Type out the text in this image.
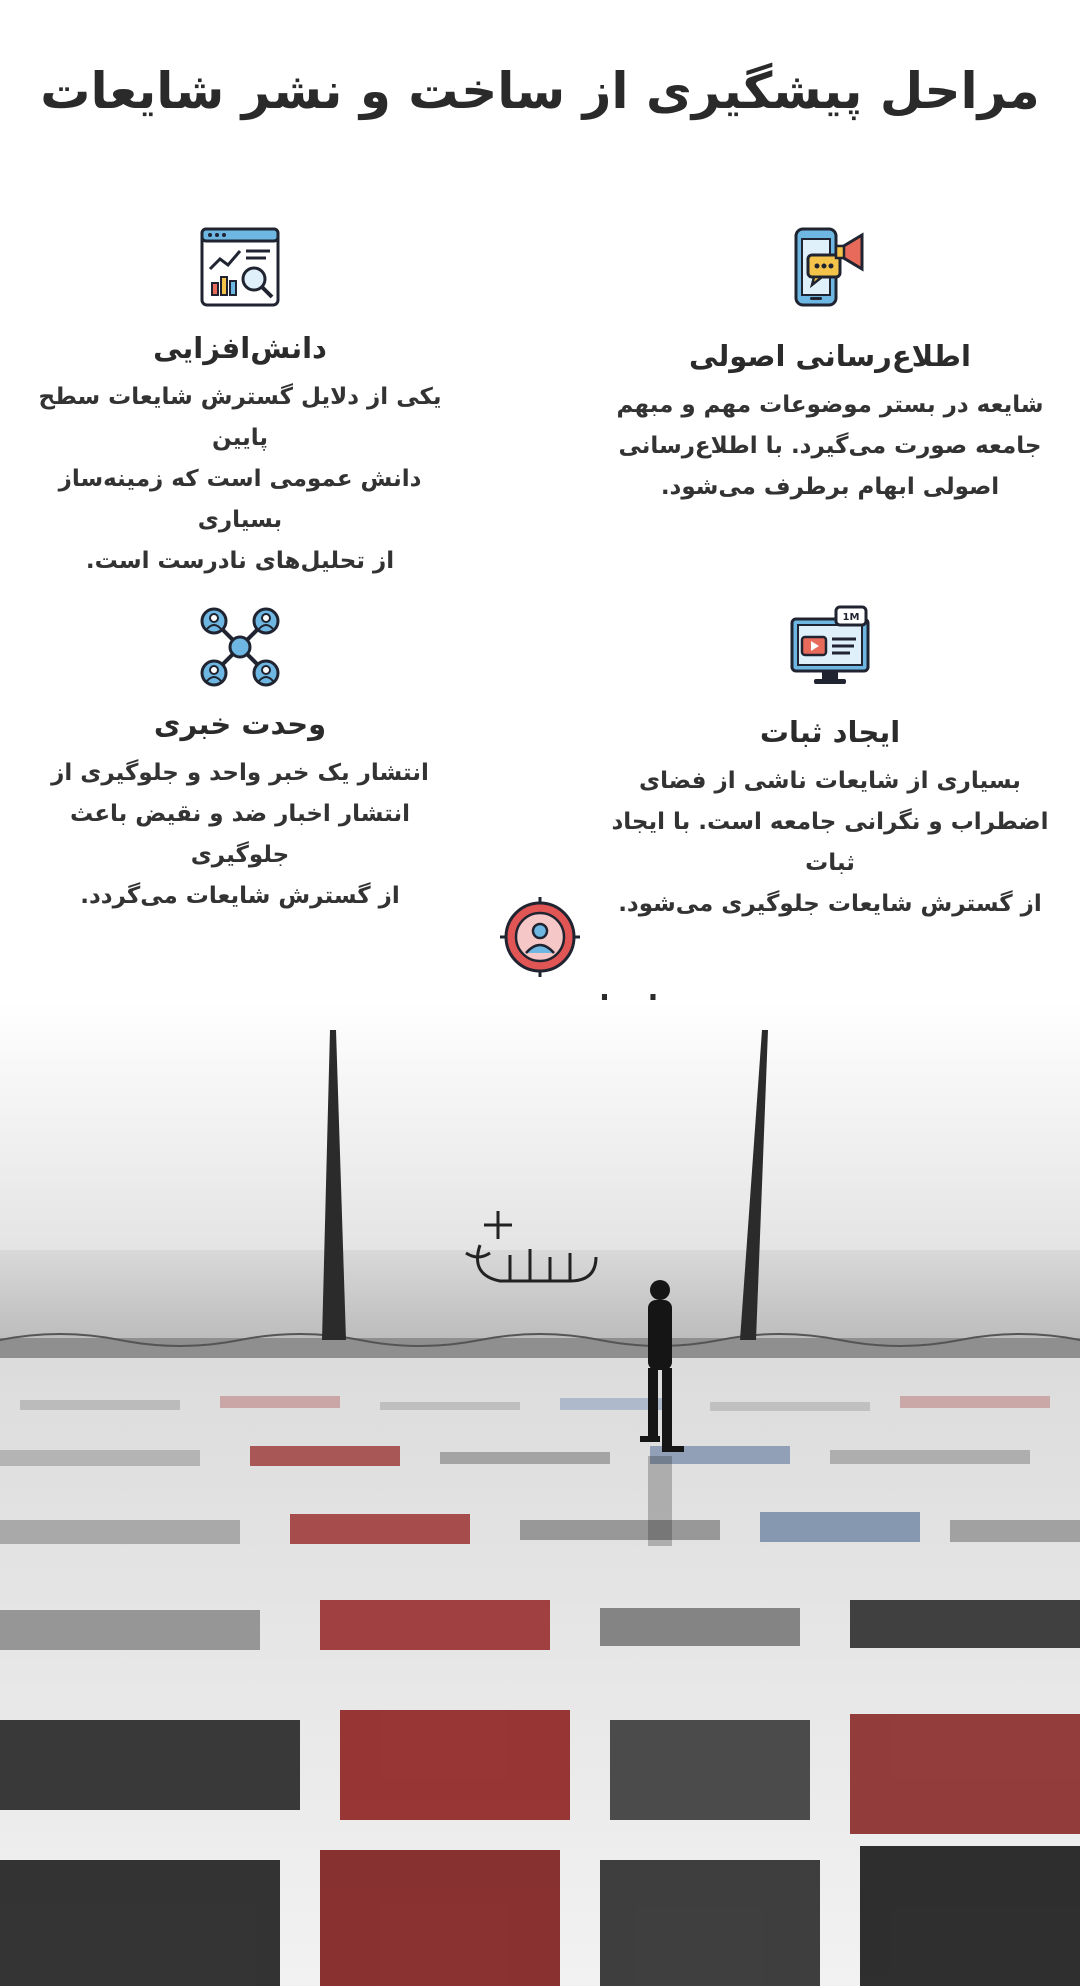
مراحل پیشگیری از ساخت و نشر شایعات
اطلاع‌رسانی اصولی

شایعه در بستر موضوعات مهم و مبهم
جامعه صورت می‌گیرد. با اطلاع‌رسانی
اصولی ابهام برطرف می‌شود.

دانش‌افزایی

یکی از دلایل گسترش شایعات سطح پایین
دانش عمومی است که زمینه‌ساز بسیاری
از تحلیل‌های نادرست است.

1M
ایجاد ثبات

بسیاری از شایعات ناشی از فضای
اضطراب و نگرانی جامعه است. با ایجاد ثبات
از گسترش شایعات جلوگیری می‌شود.

وحدت خبری

انتشار یک خبر واحد و جلوگیری از
انتشار اخبار ضد و نقیض باعث جلوگیری
از گسترش شایعات می‌گردد.
